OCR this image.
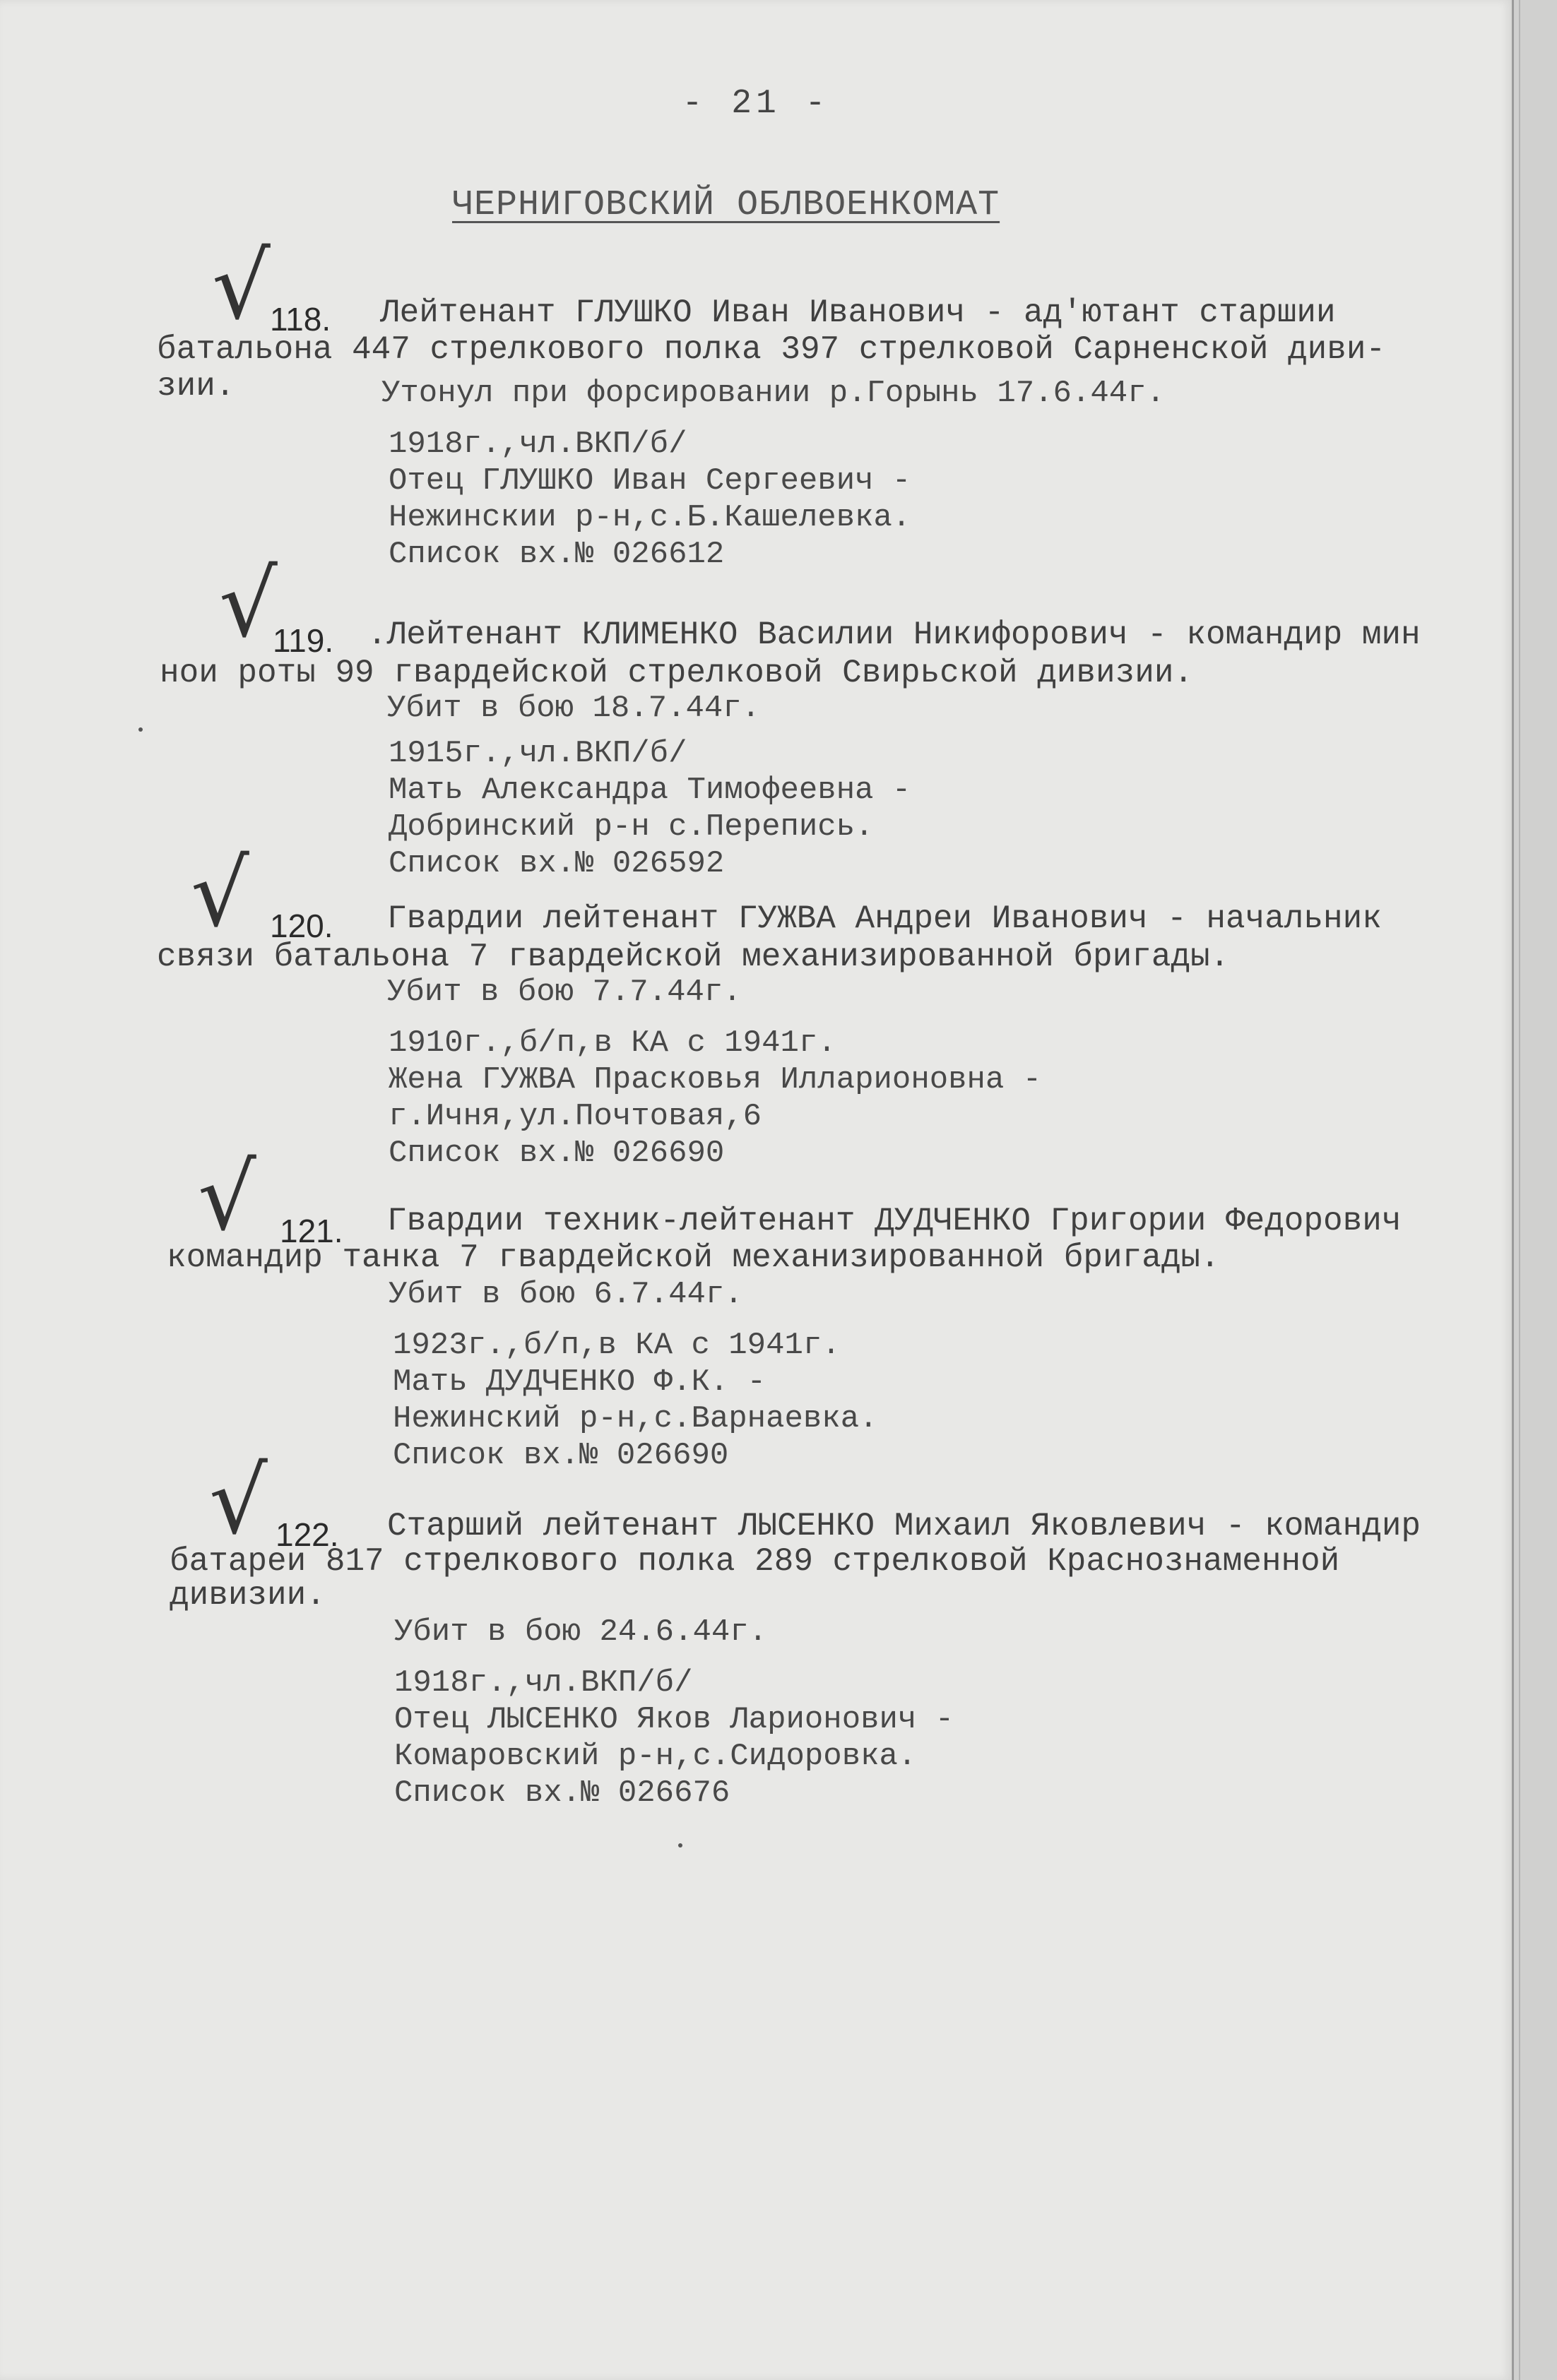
- 21 -
ЧЕРНИГОВСКИЙ ОБЛВОЕНКОМАТ
√ 118. Лейтенант ГЛУШКО Иван Иванович - ад'ютант старшии
батальона 447 стрелкового полка 397 стрелковой Сарненской диви-
зии.	Утонул при форсировании р.Горынь 17.6.44г.
1918г.,чл.ВКП/б/
Отец ГЛУШКО Иван Сергеевич -
Нежинскии р-н,с.Б.Кашелевка.
Список вх.№ 026612
√
119. .Лейтенант КЛИМЕНКО Василии Никифорович - командир мин
нои роты 99 гвардейской стрелковой Свирьской дивизии.
Убит в бою 18.7.44г.
1915г.,чл.ВКП/б/
Мать Александра Тимофеевна -
Добринский р-н с.Перепись.
Список вх.№ 026592
√ 120. Гвардии лейтенант ГУЖВА Андреи Иванович - начальник
связи батальона 7 гвардейской механизированной бригады.
Убит в бою 7.7.44г.
1910г.,б/п,в КА с 1941г.
Жена ГУЖВА Прасковья Илларионовна -
г.Ичня,ул.Почтовая,6
Список вх.№ 026690
√ 121. Гвардии техник-лейтенант ДУДЧЕНКО Григории Федорович
командир танка 7 гвардейской механизированной бригады.
Убит в бою 6.7.44г.
1923г.,б/п,в КА с 1941г.
Мать ДУДЧЕНКО Ф.К. -
Нежинский р-н,с.Варнаевка.
Список вх.№ 026690
√ 122. Старший лейтенант ЛЫСЕНКО Михаил Яковлевич - командир
батареи 817 стрелкового полка 289 стрелковой Краснознаменной
дивизии.
Убит в бою 24.6.44г.
1918г.,чл.ВКП/б/
Отец ЛЫСЕНКО Яков Ларионович -
Комаровский р-н,с.Сидоровка.
Список вх.№ 026676
